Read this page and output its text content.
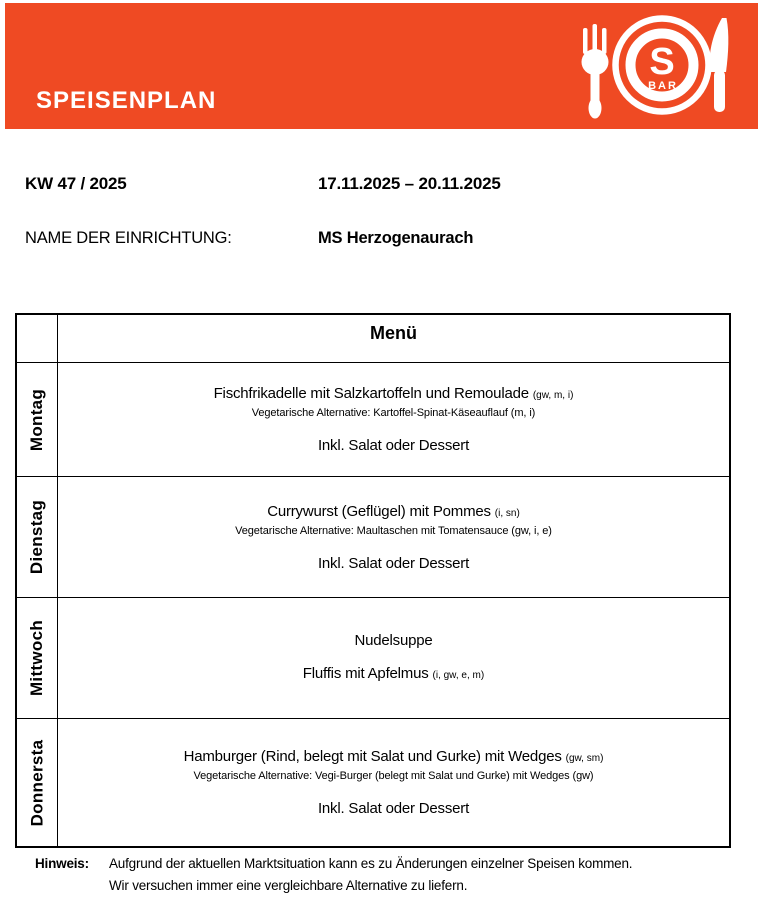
SPEISENPLAN
S
BAR
KW 47 / 2025	17.11.2025 – 20.11.2025
NAME DER EINRICHTUNG:	MS Herzogenaurach
Menü
Montag	Fischfrikadelle mit Salzkartoffeln und Remoulade (gw, m, i)
Vegetarische Alternative: Kartoffel-Spinat-Käseauflauf (m, i)
Inkl. Salat oder Dessert
Dienstag	Currywurst (Geflügel) mit Pommes (i, sn)
Vegetarische Alternative: Maultaschen mit Tomatensauce (gw, i, e)
Inkl. Salat oder Dessert
Mittwoch	Nudelsuppe
Fluffis mit Apfelmus (i, gw, e, m)
Donnersta	Hamburger (Rind, belegt mit Salat und Gurke) mit Wedges (gw, sm)
Vegetarische Alternative: Vegi-Burger (belegt mit Salat und Gurke) mit Wedges (gw)
Inkl. Salat oder Dessert
Hinweis:	Aufgrund der aktuellen Marktsituation kann es zu Änderungen einzelner Speisen kommen.
Wir versuchen immer eine vergleichbare Alternative zu liefern.
